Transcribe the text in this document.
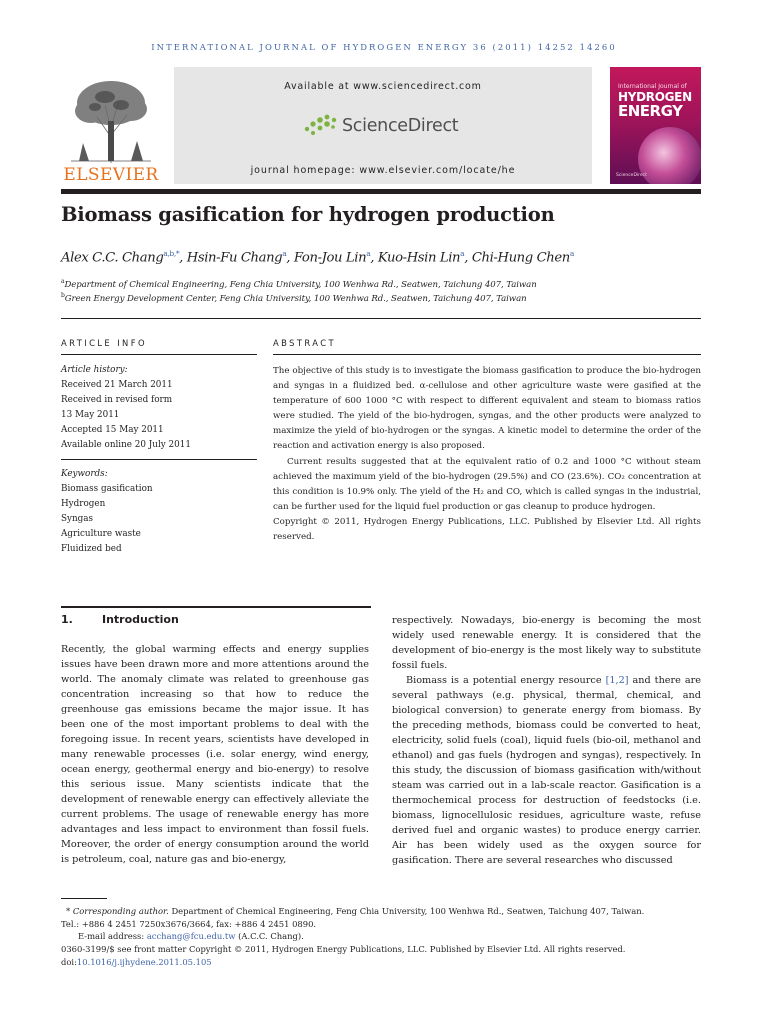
INTERNATIONAL JOURNAL OF HYDROGEN ENERGY 36 (2011) 14252 14260
ELSEVIER
Available at www.sciencedirect.com
ScienceDirect
journal homepage: www.elsevier.com/locate/he
International Journal of
HYDROGEN
ENERGY
ScienceDirect
Biomass gasification for hydrogen production
Alex C.C. Chang$^{a,b,*}$, Hsin-Fu Chang$^a$, Fon-Jou Lin$^a$, Kuo-Hsin Lin$^a$, Chi-Hung Chen$^a$
$^a$Department of Chemical Engineering, Feng Chia University, 100 Wenhwa Rd., Seatwen, Taichung 407, Taiwan
$^b$Green Energy Development Center, Feng Chia University, 100 Wenhwa Rd., Seatwen, Taichung 407, Taiwan
ARTICLE INFO	ABSTRACT
Article history:
Received 21 March 2011
Received in revised form
13 May 2011
Accepted 15 May 2011
Available online 20 July 2011
Keywords:
Biomass gasification
Hydrogen
Syngas
Agriculture waste
Fluidized bed

The objective of this study is to investigate the biomass gasification to produce the bio-hydrogen and syngas in a fluidized bed. α-cellulose and other agriculture waste were gasified at the temperature of 600 1000 °C with respect to different equivalent and steam to biomass ratios were studied. The yield of the bio-hydrogen, syngas, and the other products were analyzed to maximize the yield of bio-hydrogen or the syngas. A kinetic model to determine the order of the reaction and activation energy is also proposed.

Current results suggested that at the equivalent ratio of 0.2 and 1000 °C without steam achieved the maximum yield of the bio-hydrogen (29.5%) and CO (23.6%). CO₂ concentration at this condition is 10.9% only. The yield of the H₂ and CO, which is called syngas in the industrial, can be further used for the liquid fuel production or gas cleanup to produce hydrogen.

Copyright © 2011, Hydrogen Energy Publications, LLC. Published by Elsevier Ltd. All rights reserved.

1.	Introduction

Recently, the global warming effects and energy supplies issues have been drawn more and more attentions around the world. The anomaly climate was related to greenhouse gas concentration increasing so that how to reduce the greenhouse gas emissions became the major issue. It has been one of the most important problems to deal with the foregoing issue. In recent years, scientists have developed in many renewable processes (i.e. solar energy, wind energy, ocean energy, geothermal energy and bio-energy) to resolve this serious issue. Many scientists indicate that the development of renewable energy can effectively alleviate the current problems. The usage of renewable energy has more advantages and less impact to environment than fossil fuels. Moreover, the order of energy consumption around the world is petroleum, coal, nature gas and bio-energy,

respectively. Nowadays, bio-energy is becoming the most widely used renewable energy. It is considered that the development of bio-energy is the most likely way to substitute fossil fuels.

Biomass is a potential energy resource [1,2] and there are several pathways (e.g. physical, thermal, chemical, and biological conversion) to generate energy from biomass. By the preceding methods, biomass could be converted to heat, electricity, solid fuels (coal), liquid fuels (bio-oil, methanol and ethanol) and gas fuels (hydrogen and syngas), respectively. In this study, the discussion of biomass gasification with/without steam was carried out in a lab-scale reactor. Gasification is a thermochemical process for destruction of feedstocks (i.e. biomass, lignocellulosic residues, agriculture waste, refuse derived fuel and organic wastes) to produce energy carrier. Air has been widely used as the oxygen source for gasification. There are several researches who discussed

* Corresponding author. Department of Chemical Engineering, Feng Chia University, 100 Wenhwa Rd., Seatwen, Taichung 407, Taiwan.
Tel.: +886 4 2451 7250x3676/3664, fax: +886 4 2451 0890.
E-mail address: acchang@fcu.edu.tw (A.C.C. Chang).
0360-3199/$ see front matter Copyright © 2011, Hydrogen Energy Publications, LLC. Published by Elsevier Ltd. All rights reserved.
doi:10.1016/j.ijhydene.2011.05.105
